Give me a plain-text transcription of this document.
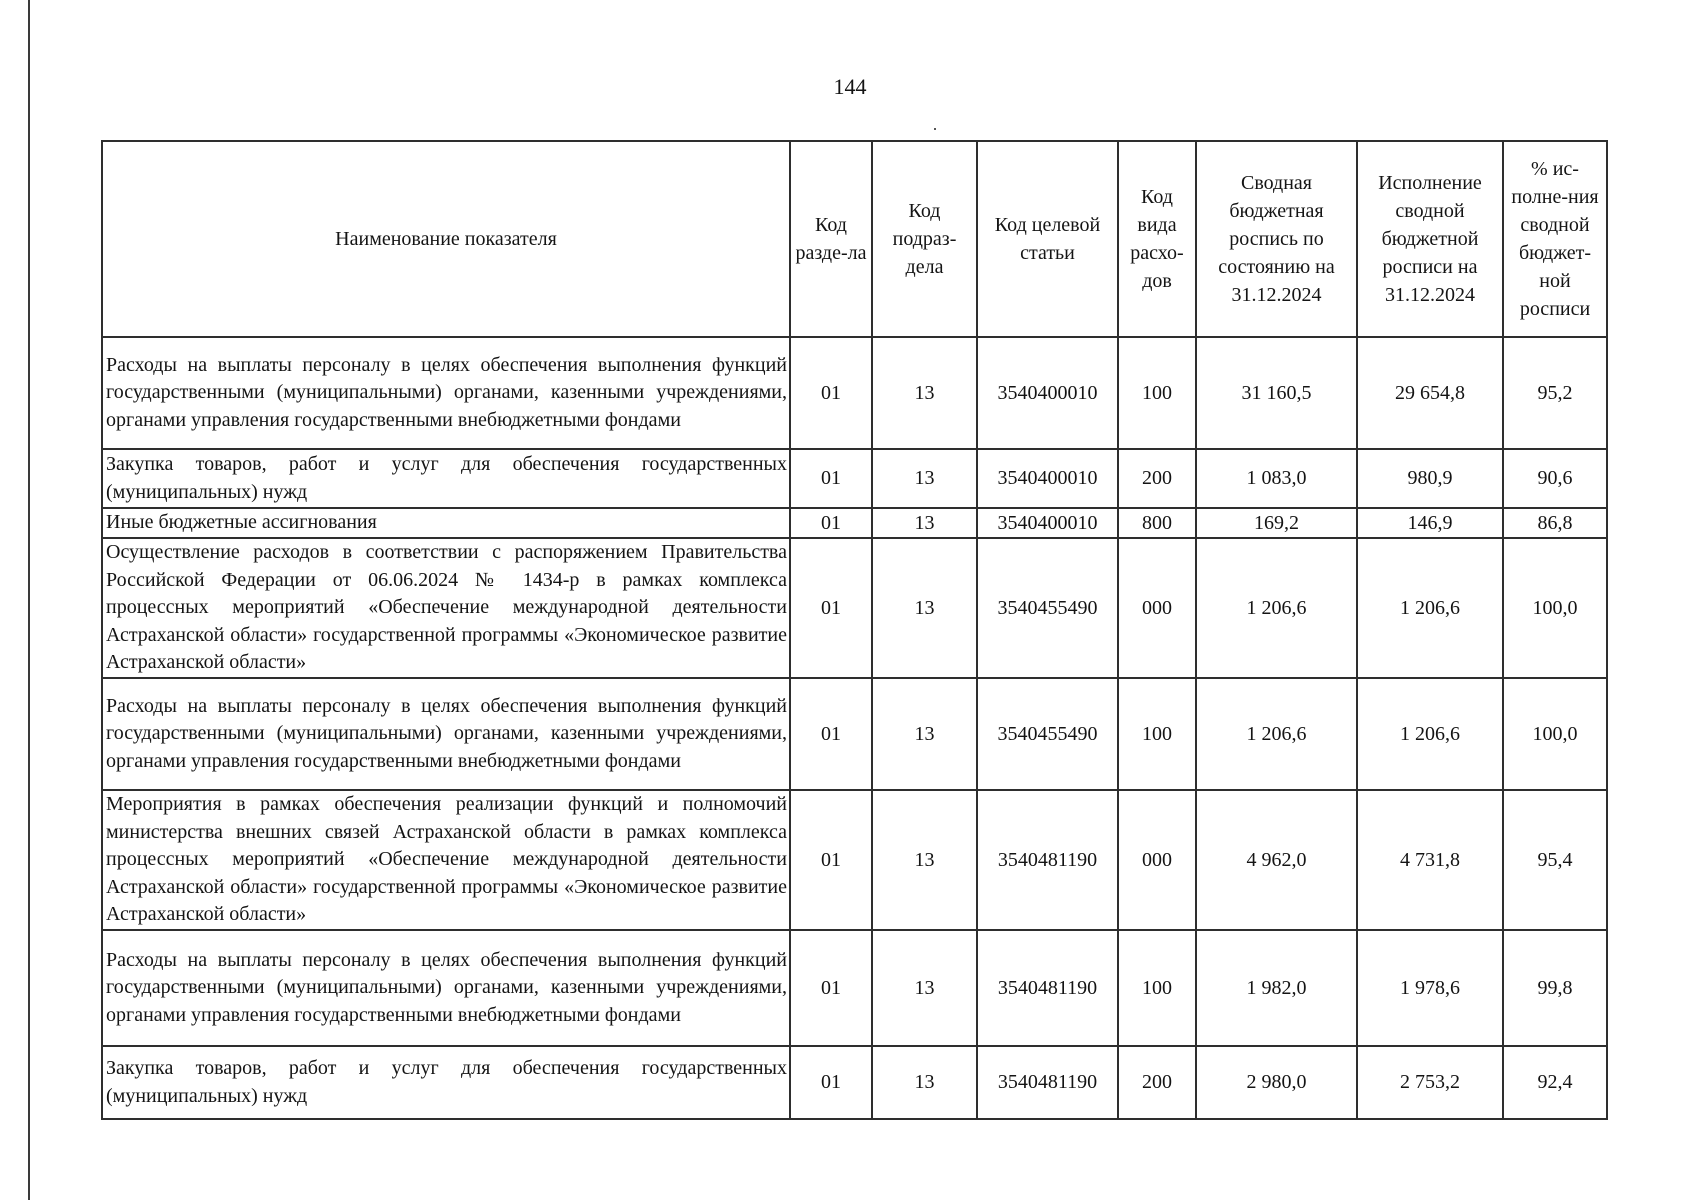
144
Наименование показателя	Код разде-ла	Код подраз-дела	Код целевой статьи	Код вида расхо-дов	Сводная бюджетная роспись по состоянию на 31.12.2024	Исполнение сводной бюджетной росписи на 31.12.2024	% ис-полне-ния сводной бюджет-ной росписи
Расходы на выплаты персоналу в целях обеспечения выполнения функций государственными (муниципальными) органами, казенными учреждениями, органами управления государственными внебюджетными фондами	01	13	3540400010	100	31 160,5	29 654,8	95,2
Закупка товаров, работ и услуг для обеспечения государственных (муниципальных) нужд	01	13	3540400010	200	1 083,0	980,9	90,6
Иные бюджетные ассигнования	01	13	3540400010	800	169,2	146,9	86,8
Осуществление расходов в соответствии с распоряжением Правительства Российской Федерации от 06.06.2024 № 1434-р в рамках комплекса процессных мероприятий «Обеспечение международной деятельности Астраханской области» государственной программы «Экономическое развитие Астраханской области»	01	13	3540455490	000	1 206,6	1 206,6	100,0
Расходы на выплаты персоналу в целях обеспечения выполнения функций государственными (муниципальными) органами, казенными учреждениями, органами управления государственными внебюджетными фондами	01	13	3540455490	100	1 206,6	1 206,6	100,0
Мероприятия в рамках обеспечения реализации функций и полномочий министерства внешних связей Астраханской области в рамках комплекса процессных мероприятий «Обеспечение международной деятельности Астраханской области» государственной программы «Экономическое развитие Астраханской области»	01	13	3540481190	000	4 962,0	4 731,8	95,4
Расходы на выплаты персоналу в целях обеспечения выполнения функций государственными (муниципальными) органами, казенными учреждениями, органами управления государственными внебюджетными фондами	01	13	3540481190	100	1 982,0	1 978,6	99,8
Закупка товаров, работ и услуг для обеспечения государственных (муниципальных) нужд	01	13	3540481190	200	2 980,0	2 753,2	92,4
